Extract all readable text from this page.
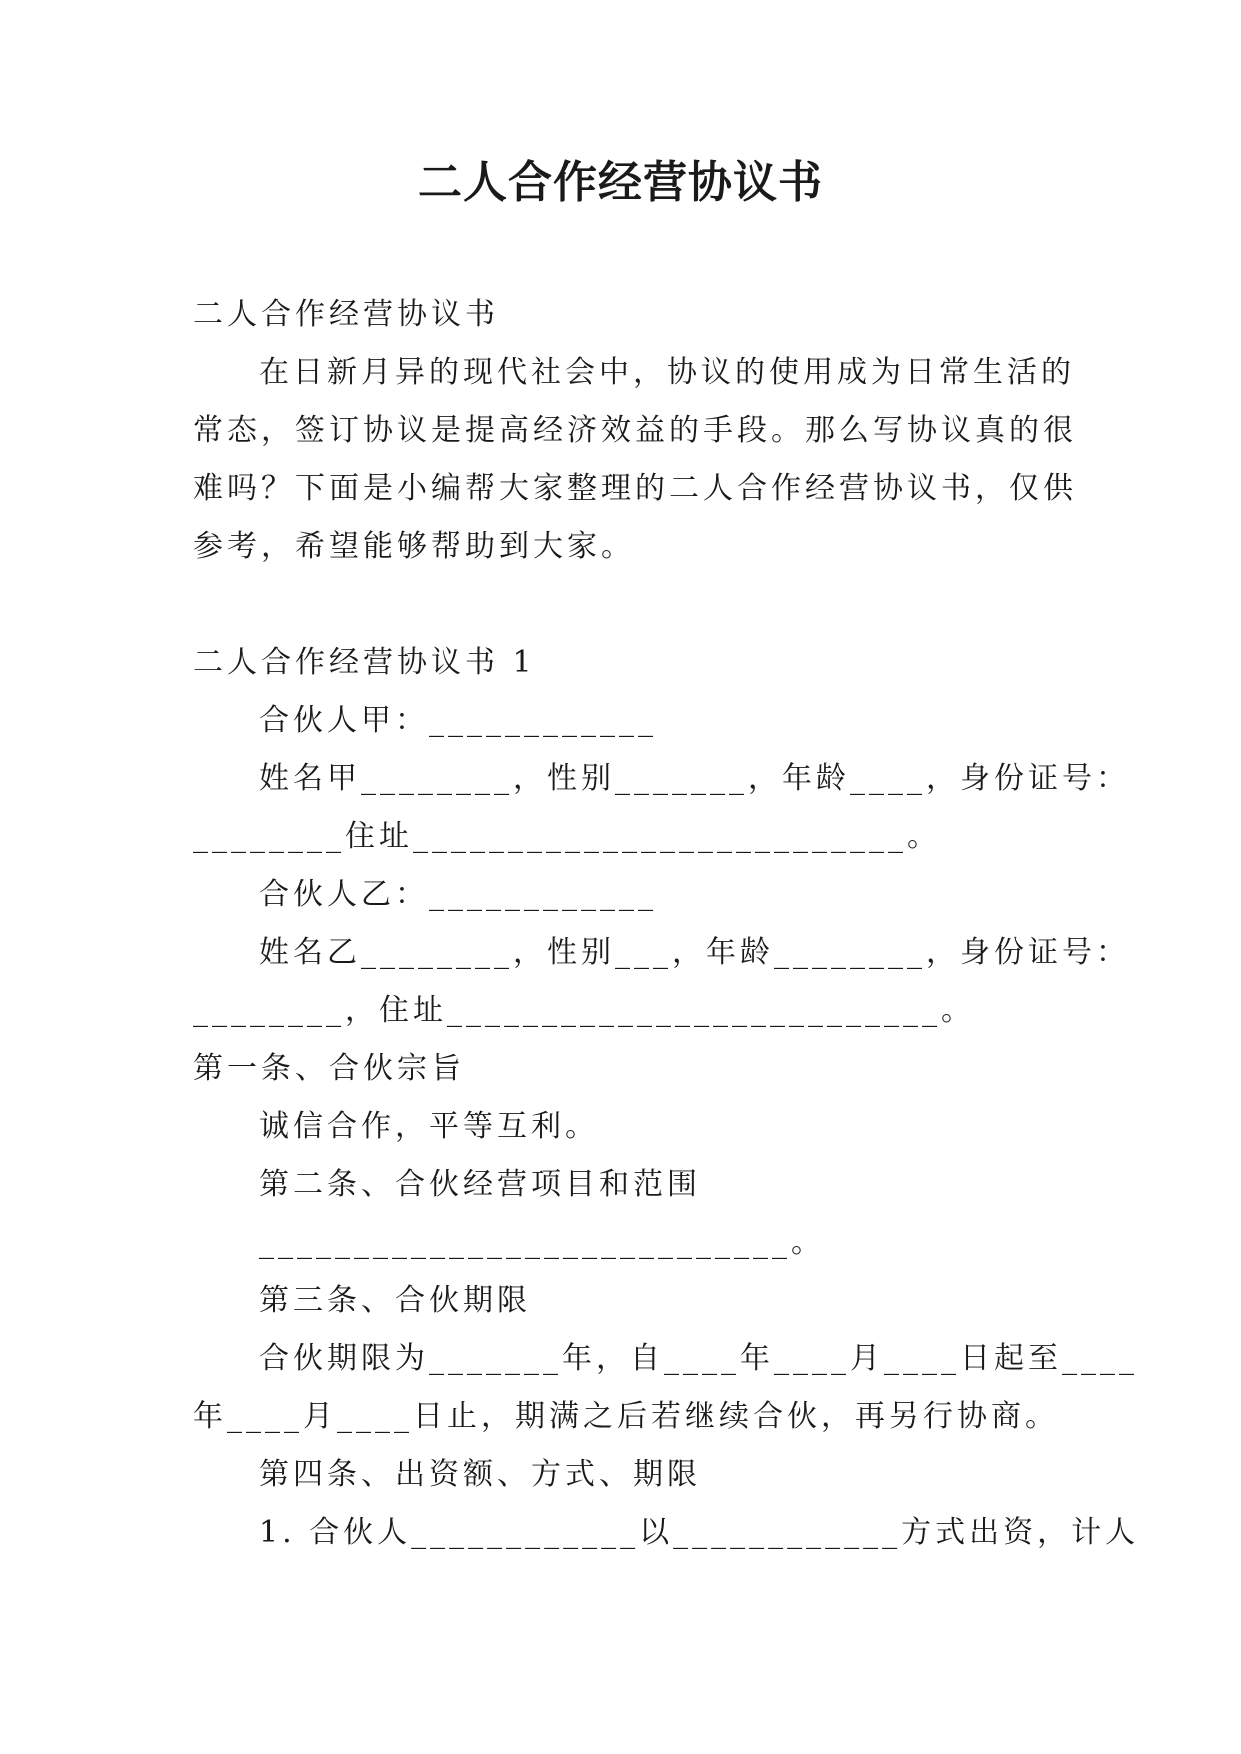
二人合作经营协议书

二人合作经营协议书

在日新月异的现代社会中，协议的使用成为日常生活的

常态，签订协议是提高经济效益的手段。那么写协议真的很

难吗？下面是小编帮大家整理的二人合作经营协议书，仅供

参考，希望能够帮助到大家。

二人合作经营协议书 1

合伙人甲：____________

姓名甲________，性别_______，年龄____，身份证号：

________住址__________________________。

合伙人乙：____________

姓名乙________，性别___，年龄________，身份证号：

________，住址__________________________。

第一条、合伙宗旨

诚信合作，平等互利。

第二条、合伙经营项目和范围

____________________________。

第三条、合伙期限

合伙期限为_______年，自____年____月____日起至____

年____月____日止，期满之后若继续合伙，再另行协商。

第四条、出资额、方式、期限

1. 合伙人____________以____________方式出资，计人
